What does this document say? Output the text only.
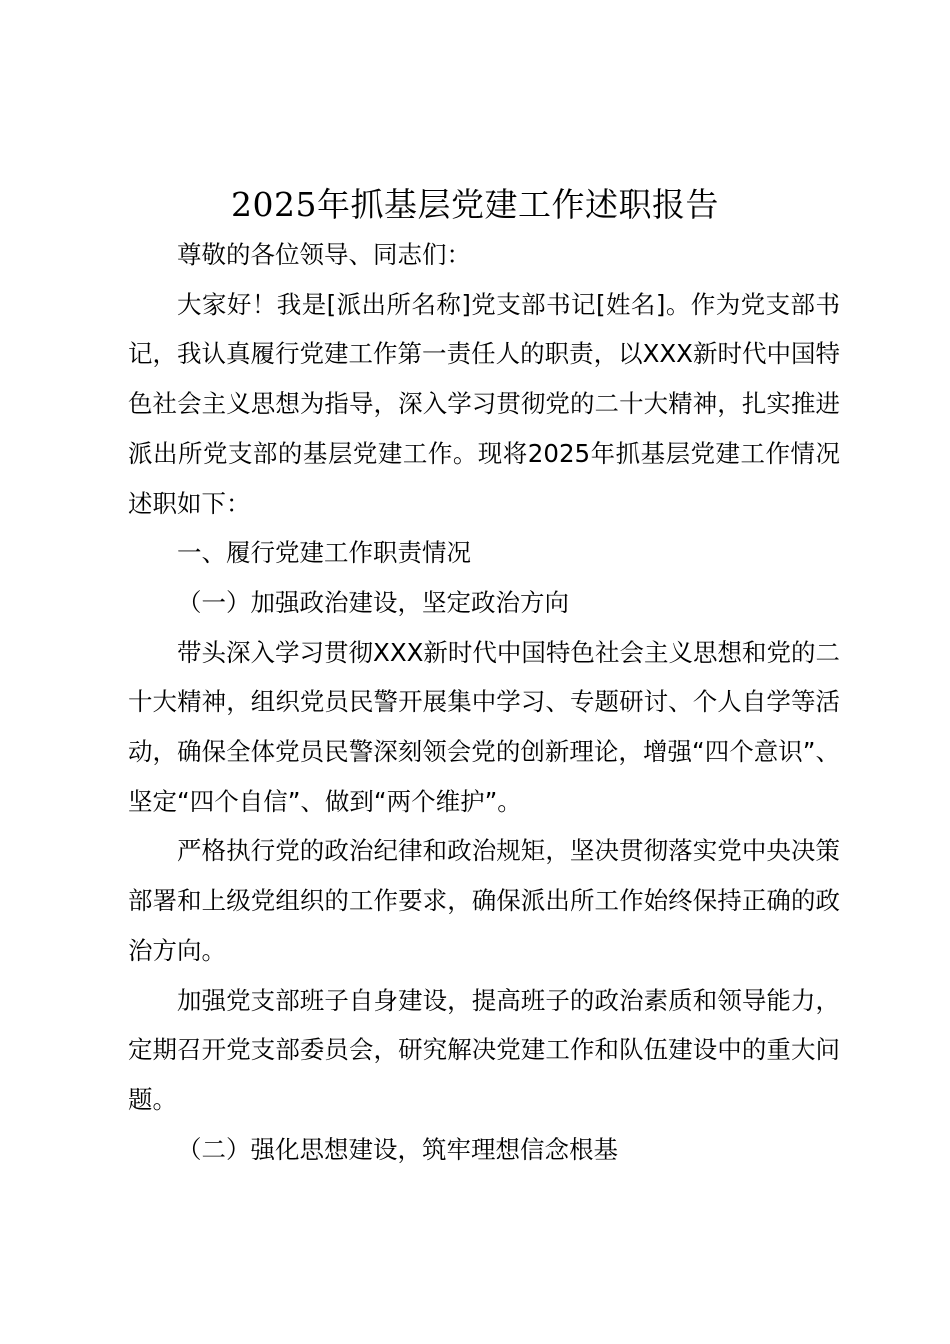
2025年抓基层党建工作述职报告

尊敬的各位领导、同志们：

大家好！我是[派出所名称]党支部书记[姓名]。作为党支部书记，我认真履行党建工作第一责任人的职责，以XXX新时代中国特色社会主义思想为指导，深入学习贯彻党的二十大精神，扎实推进派出所党支部的基层党建工作。现将2025年抓基层党建工作情况述职如下：

一、履行党建工作职责情况

（一）加强政治建设，坚定政治方向

带头深入学习贯彻XXX新时代中国特色社会主义思想和党的二十大精神，组织党员民警开展集中学习、专题研讨、个人自学等活动，确保全体党员民警深刻领会党的创新理论，增强“四个意识”、坚定“四个自信”、做到“两个维护”。

严格执行党的政治纪律和政治规矩，坚决贯彻落实党中央决策部署和上级党组织的工作要求，确保派出所工作始终保持正确的政治方向。

加强党支部班子自身建设，提高班子的政治素质和领导能力，定期召开党支部委员会，研究解决党建工作和队伍建设中的重大问题。

（二）强化思想建设，筑牢理想信念根基
